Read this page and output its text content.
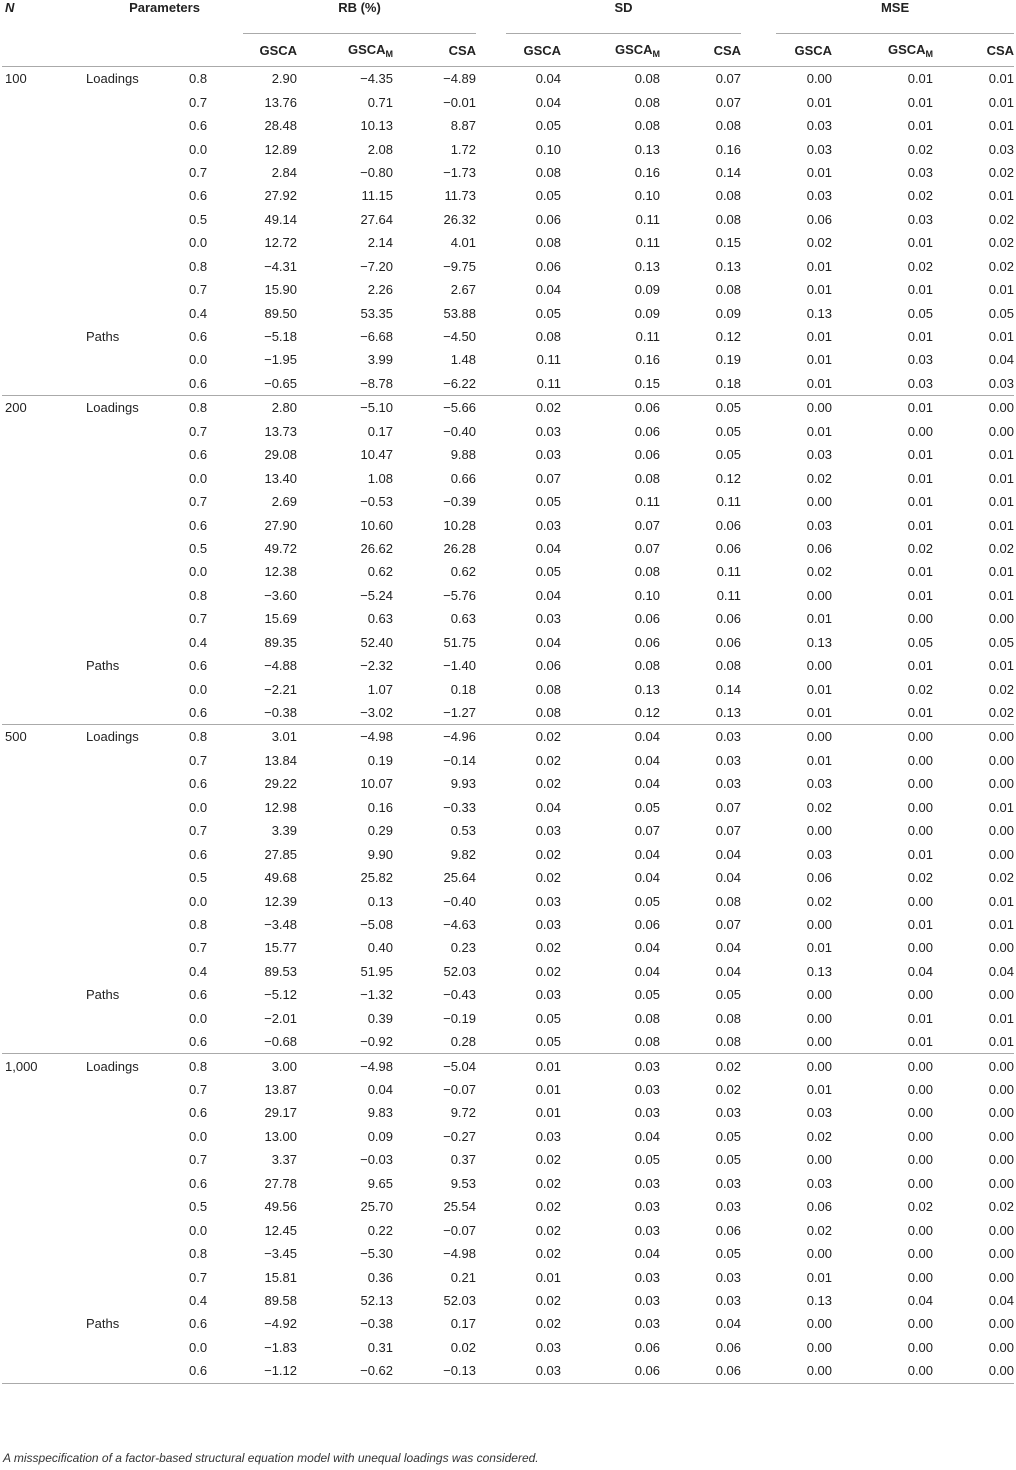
N	Parameters		RB (%)				SD				MSE		
			GSCA	$GSCA_M$	CSA		GSCA	$GSCA_M$	CSA		GSCA	$GSCA_M$	CSA
100	Loadings	0.8	2.90	−4.35	−4.89		0.04	0.08	0.07		0.00	0.01	0.01
		0.7	13.76	0.71	−0.01		0.04	0.08	0.07		0.01	0.01	0.01
		0.6	28.48	10.13	8.87		0.05	0.08	0.08		0.03	0.01	0.01
		0.0	12.89	2.08	1.72		0.10	0.13	0.16		0.03	0.02	0.03
		0.7	2.84	−0.80	−1.73		0.08	0.16	0.14		0.01	0.03	0.02
		0.6	27.92	11.15	11.73		0.05	0.10	0.08		0.03	0.02	0.01
		0.5	49.14	27.64	26.32		0.06	0.11	0.08		0.06	0.03	0.02
		0.0	12.72	2.14	4.01		0.08	0.11	0.15		0.02	0.01	0.02
		0.8	−4.31	−7.20	−9.75		0.06	0.13	0.13		0.01	0.02	0.02
		0.7	15.90	2.26	2.67		0.04	0.09	0.08		0.01	0.01	0.01
		0.4	89.50	53.35	53.88		0.05	0.09	0.09		0.13	0.05	0.05
	Paths	0.6	−5.18	−6.68	−4.50		0.08	0.11	0.12		0.01	0.01	0.01
		0.0	−1.95	3.99	1.48		0.11	0.16	0.19		0.01	0.03	0.04
		0.6	−0.65	−8.78	−6.22		0.11	0.15	0.18		0.01	0.03	0.03
200	Loadings	0.8	2.80	−5.10	−5.66		0.02	0.06	0.05		0.00	0.01	0.00
		0.7	13.73	0.17	−0.40		0.03	0.06	0.05		0.01	0.00	0.00
		0.6	29.08	10.47	9.88		0.03	0.06	0.05		0.03	0.01	0.01
		0.0	13.40	1.08	0.66		0.07	0.08	0.12		0.02	0.01	0.01
		0.7	2.69	−0.53	−0.39		0.05	0.11	0.11		0.00	0.01	0.01
		0.6	27.90	10.60	10.28		0.03	0.07	0.06		0.03	0.01	0.01
		0.5	49.72	26.62	26.28		0.04	0.07	0.06		0.06	0.02	0.02
		0.0	12.38	0.62	0.62		0.05	0.08	0.11		0.02	0.01	0.01
		0.8	−3.60	−5.24	−5.76		0.04	0.10	0.11		0.00	0.01	0.01
		0.7	15.69	0.63	0.63		0.03	0.06	0.06		0.01	0.00	0.00
		0.4	89.35	52.40	51.75		0.04	0.06	0.06		0.13	0.05	0.05
	Paths	0.6	−4.88	−2.32	−1.40		0.06	0.08	0.08		0.00	0.01	0.01
		0.0	−2.21	1.07	0.18		0.08	0.13	0.14		0.01	0.02	0.02
		0.6	−0.38	−3.02	−1.27		0.08	0.12	0.13		0.01	0.01	0.02
500	Loadings	0.8	3.01	−4.98	−4.96		0.02	0.04	0.03		0.00	0.00	0.00
		0.7	13.84	0.19	−0.14		0.02	0.04	0.03		0.01	0.00	0.00
		0.6	29.22	10.07	9.93		0.02	0.04	0.03		0.03	0.00	0.00
		0.0	12.98	0.16	−0.33		0.04	0.05	0.07		0.02	0.00	0.01
		0.7	3.39	0.29	0.53		0.03	0.07	0.07		0.00	0.00	0.00
		0.6	27.85	9.90	9.82		0.02	0.04	0.04		0.03	0.01	0.00
		0.5	49.68	25.82	25.64		0.02	0.04	0.04		0.06	0.02	0.02
		0.0	12.39	0.13	−0.40		0.03	0.05	0.08		0.02	0.00	0.01
		0.8	−3.48	−5.08	−4.63		0.03	0.06	0.07		0.00	0.01	0.01
		0.7	15.77	0.40	0.23		0.02	0.04	0.04		0.01	0.00	0.00
		0.4	89.53	51.95	52.03		0.02	0.04	0.04		0.13	0.04	0.04
	Paths	0.6	−5.12	−1.32	−0.43		0.03	0.05	0.05		0.00	0.00	0.00
		0.0	−2.01	0.39	−0.19		0.05	0.08	0.08		0.00	0.01	0.01
		0.6	−0.68	−0.92	0.28		0.05	0.08	0.08		0.00	0.01	0.01
1,000	Loadings	0.8	3.00	−4.98	−5.04		0.01	0.03	0.02		0.00	0.00	0.00
		0.7	13.87	0.04	−0.07		0.01	0.03	0.02		0.01	0.00	0.00
		0.6	29.17	9.83	9.72		0.01	0.03	0.03		0.03	0.00	0.00
		0.0	13.00	0.09	−0.27		0.03	0.04	0.05		0.02	0.00	0.00
		0.7	3.37	−0.03	0.37		0.02	0.05	0.05		0.00	0.00	0.00
		0.6	27.78	9.65	9.53		0.02	0.03	0.03		0.03	0.00	0.00
		0.5	49.56	25.70	25.54		0.02	0.03	0.03		0.06	0.02	0.02
		0.0	12.45	0.22	−0.07		0.02	0.03	0.06		0.02	0.00	0.00
		0.8	−3.45	−5.30	−4.98		0.02	0.04	0.05		0.00	0.00	0.00
		0.7	15.81	0.36	0.21		0.01	0.03	0.03		0.01	0.00	0.00
		0.4	89.58	52.13	52.03		0.02	0.03	0.03		0.13	0.04	0.04
	Paths	0.6	−4.92	−0.38	0.17		0.02	0.03	0.04		0.00	0.00	0.00
		0.0	−1.83	0.31	0.02		0.03	0.06	0.06		0.00	0.00	0.00
		0.6	−1.12	−0.62	−0.13		0.03	0.06	0.06		0.00	0.00	0.00
A misspecification of a factor-based structural equation model with unequal loadings was considered.
